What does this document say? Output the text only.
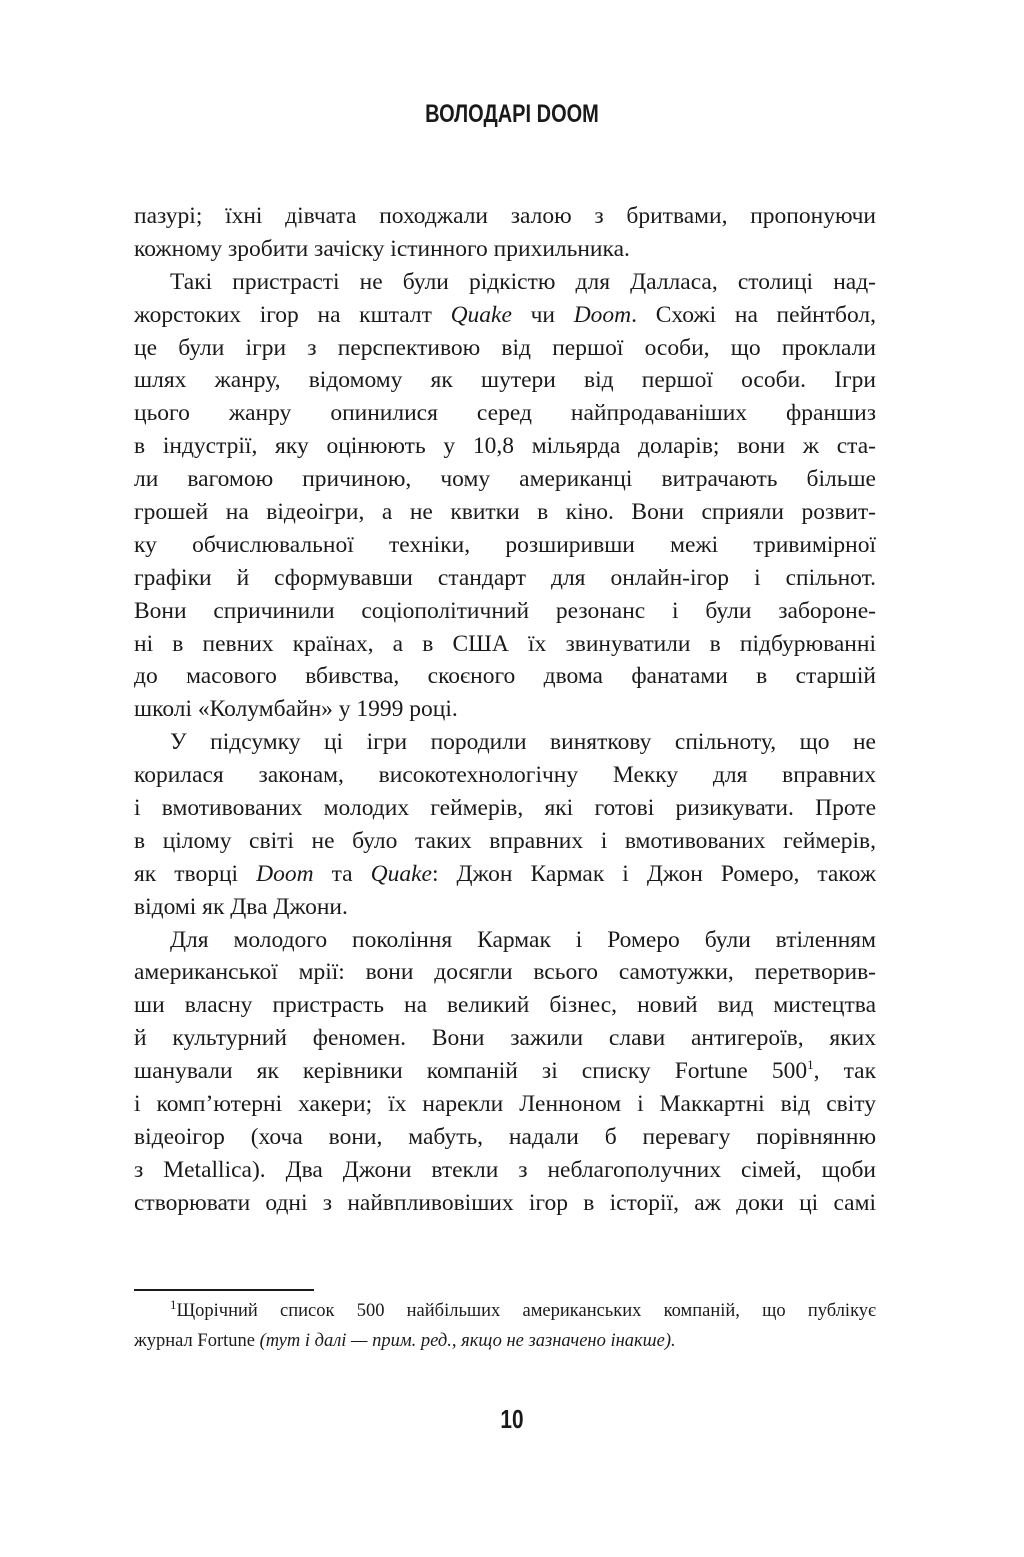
ВОЛОДАРІ DOOM
пазурі; їхні дівчата походжали залою з бритвами, пропонуючи
кожному зробити зачіску істинного прихильника.
Такі пристрасті не були рідкістю для Далласа, столиці над-
жорстоких ігор на кшталт Quake чи Doom. Схожі на пейнтбол,
це були ігри з перспективою від першої особи, що проклали
шлях жанру, відомому як шутери від першої особи. Ігри
цього жанру опинилися серед найпродаваніших франшиз
в індустрії, яку оцінюють у 10,8 мільярда доларів; вони ж ста-
ли вагомою причиною, чому американці витрачають більше
грошей на відеоігри, а не квитки в кіно. Вони сприяли розвит-
ку обчислювальної техніки, розширивши межі тривимірної
графіки й сформувавши стандарт для онлайн-ігор і спільнот.
Вони спричинили соціополітичний резонанс і були забороне-
ні в певних країнах, а в США їх звинуватили в підбурюванні
до масового вбивства, скоєного двома фанатами в старшій
школі «Колумбайн» у 1999 році.
У підсумку ці ігри породили виняткову спільноту, що не
корилася законам, високотехнологічну Мекку для вправних
і вмотивованих молодих геймерів, які готові ризикувати. Проте
в цілому світі не було таких вправних і вмотивованих геймерів,
як творці Doom та Quake: Джон Кармак і Джон Ромеро, також
відомі як Два Джони.
Для молодого покоління Кармак і Ромеро були втіленням
американської мрії: вони досягли всього самотужки, перетворив-
ши власну пристрасть на великий бізнес, новий вид мистецтва
й культурний феномен. Вони зажили слави антигероїв, яких
шанували як керівники компаній зі списку Fortune $500^1$, так
і комп’ютерні хакери; їх нарекли Ленноном і Маккартні від світу
відеоігор (хоча вони, мабуть, надали б перевагу порівнянню
з Metallica). Два Джони втекли з неблагополучних сімей, щоби
створювати одні з найвпливовіших ігор в історії, аж доки ці самі
$^1$Щорічний список 500 найбільших американських компаній, що публікує
журнал Fortune (тут і далі — прим. ред., якщо не зазначено інакше).
10
